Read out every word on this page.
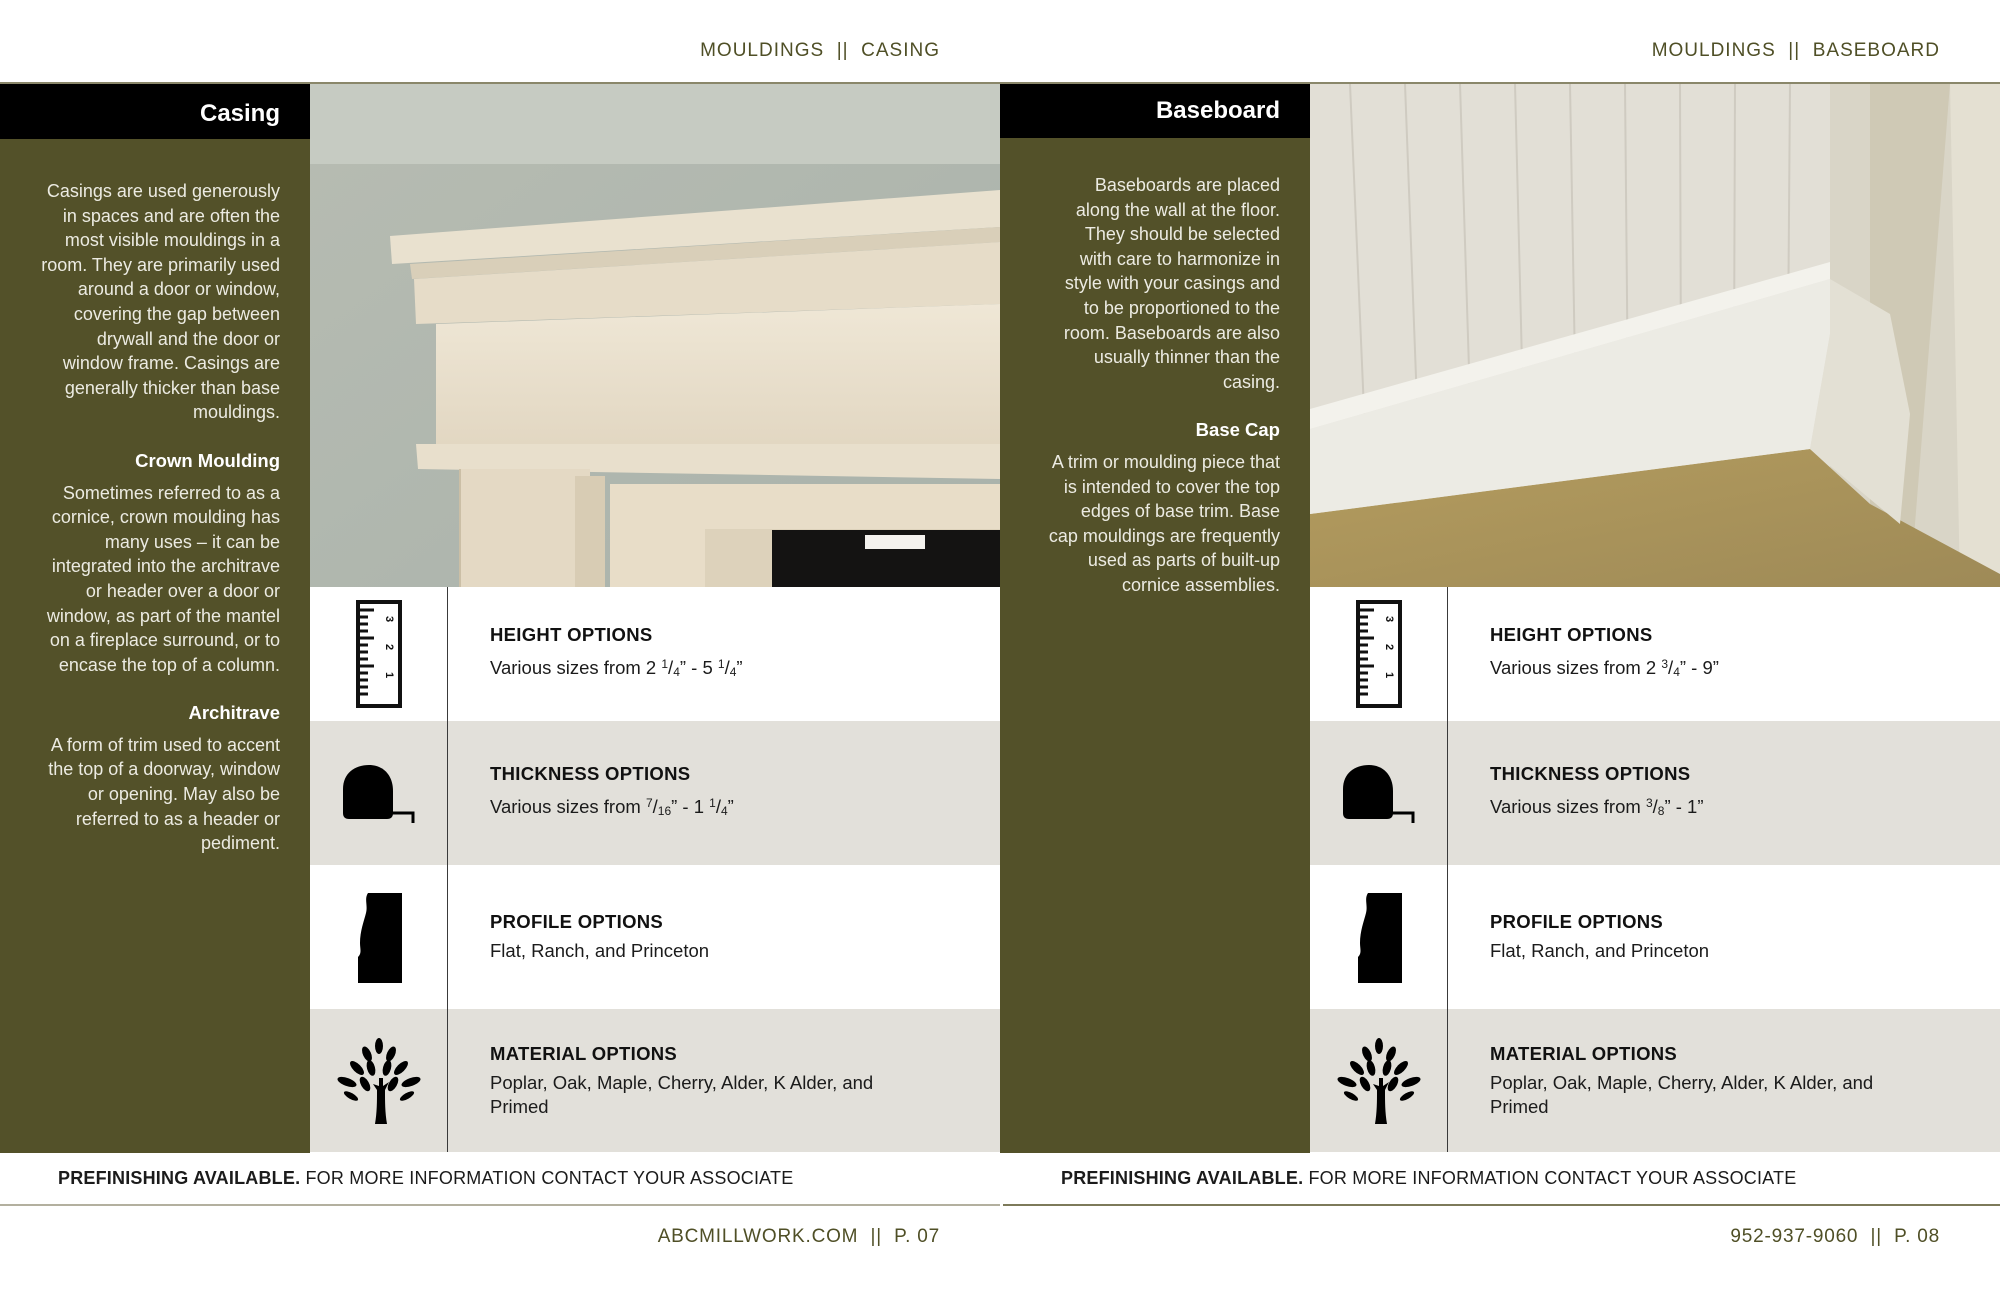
MOULDINGS  ||  CASING
Casing

Casings are used generously in spaces and are often the most visible mouldings in a room. They are primarily used around a door or window, covering the gap between drywall and the door or window frame. Casings are generally thicker than base mouldings.

Crown Moulding

Sometimes referred to as a cornice, crown moulding has many uses – it can be integrated into the architrave or header over a door or window, as part of the mantel on a fireplace surround, or to encase the top of a column.

Architrave

A form of trim used to accent the top of a doorway, window or opening. May also be referred to as a header or pediment.

3
2
1
HEIGHT OPTIONS
Various sizes from 2 $^1/_4$” - 5 $^1/_4$”
THICKNESS OPTIONS
Various sizes from $^7/_{16}$” - 1 $^1/_4$”
PROFILE OPTIONS
Flat, Ranch, and Princeton
MATERIAL OPTIONS
Poplar, Oak, Maple, Cherry, Alder, K Alder, and Primed
PREFINISHING AVAILABLE. FOR MORE INFORMATION CONTACT YOUR ASSOCIATE
ABCMILLWORK.COM  ||  P. 07
MOULDINGS  ||  BASEBOARD
Baseboard

Baseboards are placed along the wall at the floor. They should be selected with care to harmonize in style with your casings and to be proportioned to the room. Baseboards are also usually thinner than the casing.

Base Cap

A trim or moulding piece that is intended to cover the top edges of base trim. Base cap mouldings are frequently used as parts of built-up cornice assemblies.

3
2
1
HEIGHT OPTIONS
Various sizes from 2 $^3/_4$” - 9”
THICKNESS OPTIONS
Various sizes from $^3/_8$” - 1”
PROFILE OPTIONS
Flat, Ranch, and Princeton
MATERIAL OPTIONS
Poplar, Oak, Maple, Cherry, Alder, K Alder, and Primed
PREFINISHING AVAILABLE. FOR MORE INFORMATION CONTACT YOUR ASSOCIATE
952-937-9060  ||  P. 08
